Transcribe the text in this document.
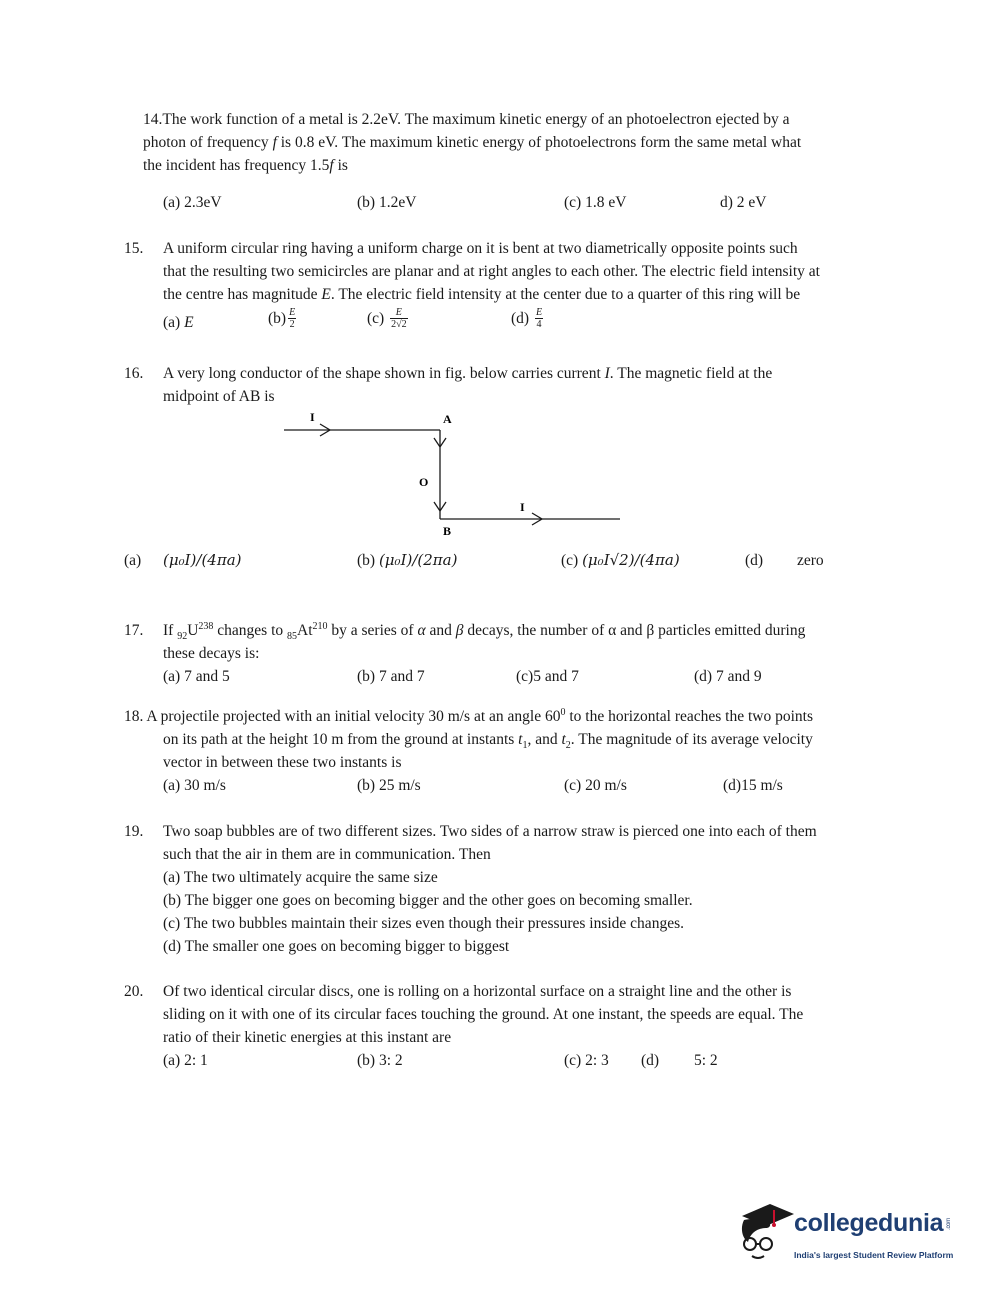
14.The work function of a metal is 2.2eV. The maximum kinetic energy of an photoelectron ejected by a
photon of frequency f is 0.8 eV. The maximum kinetic energy of photoelectrons form the same metal what
the incident has frequency 1.5f is
(a) 2.3eV	(b) 1.2eV	(c) 1.8 eV	d) 2 eV
15. A uniform circular ring having a uniform charge on it is bent at two diametrically opposite points such
that the resulting two semicircles are planar and at right angles to each other. The electric field intensity at
the centre has magnitude E. The electric field intensity at the center due to a quarter of this ring will be
(a) E	$(b) \frac{E}{2}$	$(c) \frac{E}{2√2}$	$(d) \frac{E}{4}$
16. A very long conductor of the shape shown in fig. below carries current I. The magnetic field at the
midpoint of AB is
I	A
O
B
I
(a) (μ₀I)/(4πa)	(b) (μ₀I)/(2πa)	(c) (μ₀I√2)/(4πa)	(d) zero
17. If $_{92}U^{238}$ changes to $_{85}At^{210}$ by a series of α and β decays, the number of α and β particles emitted during
these decays is:
(a) 7 and 5	(b) 7 and 7	(c)5 and 7	(d) 7 and 9
18. A projectile projected with an initial velocity 30 m/s at an angle $60^0$ to the horizontal reaches the two points
on its path at the height 10 m from the ground at instants $t_1$, and $t_2$. The magnitude of its average velocity
vector in between these two instants is
(a) 30 m/s	(b) 25 m/s	(c) 20 m/s	(d)15 m/s
19. Two soap bubbles are of two different sizes. Two sides of a narrow straw is pierced one into each of them
such that the air in them are in communication. Then
(a) The two ultimately acquire the same size
(b) The bigger one goes on becoming bigger and the other goes on becoming smaller.
(c) The two bubbles maintain their sizes even though their pressures inside changes.
(d) The smaller one goes on becoming bigger to biggest
20. Of two identical circular discs, one is rolling on a horizontal surface on a straight line and the other is
sliding on it with one of its circular faces touching the ground. At one instant, the speeds are equal. The
ratio of their kinetic energies at this instant are
(a) 2: 1	(b) 3: 2	(c) 2: 3 (d) 5: 2
collegedunia .com
India's largest Student Review Platform
